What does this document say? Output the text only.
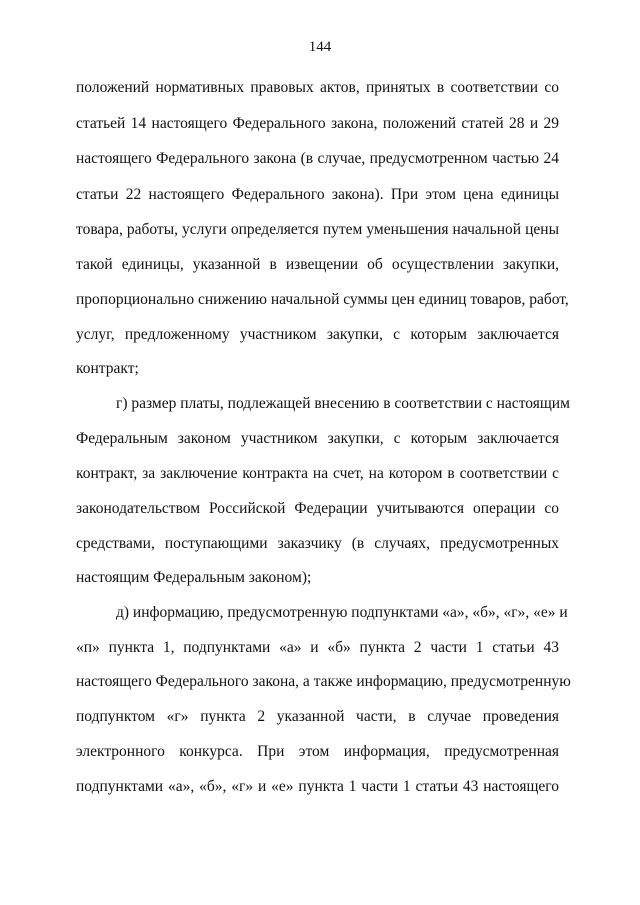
144
положений нормативных правовых актов, принятых в соответствии со
статьей 14 настоящего Федерального закона, положений статей 28 и 29
настоящего Федерального закона (в случае, предусмотренном частью 24
статьи 22 настоящего Федерального закона). При этом цена единицы
товара, работы, услуги определяется путем уменьшения начальной цены
такой единицы, указанной в извещении об осуществлении закупки,
пропорционально снижению начальной суммы цен единиц товаров, работ,
услуг, предложенному участником закупки, с которым заключается
контракт;
г) размер платы, подлежащей внесению в соответствии с настоящим
Федеральным законом участником закупки, с которым заключается
контракт, за заключение контракта на счет, на котором в соответствии с
законодательством Российской Федерации учитываются операции со
средствами, поступающими заказчику (в случаях, предусмотренных
настоящим Федеральным законом);
д) информацию, предусмотренную подпунктами «а», «б», «г», «е» и
«п» пункта 1, подпунктами «а» и «б» пункта 2 части 1 статьи 43
настоящего Федерального закона, а также информацию, предусмотренную
подпунктом «г» пункта 2 указанной части, в случае проведения
электронного конкурса. При этом информация, предусмотренная
подпунктами «а», «б», «г» и «е» пункта 1 части 1 статьи 43 настоящего
